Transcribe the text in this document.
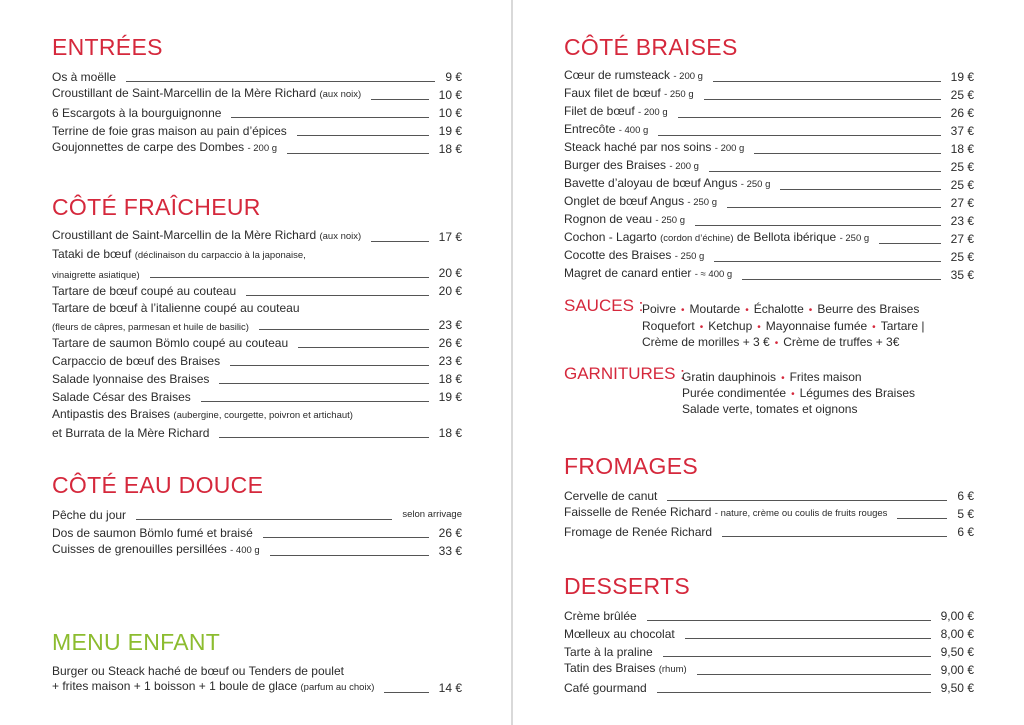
ENTRÉES
Os à moëlle	9 €
Croustillant de Saint-Marcellin de la Mère Richard (aux noix)	10 €
6 Escargots à la bourguignonne	10 €
Terrine de foie gras maison au pain d’épices	19 €
Goujonnettes de carpe des Dombes - 200 g	18 €
CÔTÉ FRAÎCHEUR
Croustillant de Saint-Marcellin de la Mère Richard (aux noix)	17 €
Tataki de bœuf (déclinaison du carpaccio à la japonaise,
vinaigrette asiatique)	20 €
Tartare de bœuf coupé au couteau	20 €
Tartare de bœuf à l’italienne coupé au couteau
(fleurs de câpres, parmesan et huile de basilic)	23 €
Tartare de saumon Bömlo coupé au couteau	26 €
Carpaccio de bœuf des Braises	23 €
Salade lyonnaise des Braises	18 €
Salade César des Braises	19 €
Antipastis des Braises (aubergine, courgette, poivron et artichaut)
et Burrata de la Mère Richard	18 €
CÔTÉ EAU DOUCE
Pêche du jour	selon arrivage
Dos de saumon Bömlo fumé et braisé	26 €
Cuisses de grenouilles persillées - 400 g	33 €
MENU ENFANT
Burger ou Steack haché de bœuf ou Tenders de poulet
+ frites maison + 1 boisson + 1 boule de glace (parfum au choix)	14 €
CÔTÉ BRAISES
Cœur de rumsteack - 200 g	19 €
Faux filet de bœuf - 250 g	25 €
Filet de bœuf - 200 g	26 €
Entrecôte - 400 g	37 €
Steack haché par nos soins - 200 g	18 €
Burger des Braises - 200 g	25 €
Bavette d’aloyau de bœuf Angus - 250 g	25 €
Onglet de bœuf Angus - 250 g	27 €
Rognon de veau - 250 g	23 €
Cochon - Lagarto (cordon d’échine) de Bellota ibérique - 250 g	27 €
Cocotte des Braises - 250 g	25 €
Magret de canard entier - ≈ 400 g	35 €
SAUCES :
Poivre • Moutarde • Échalotte • Beurre des Braises
Roquefort • Ketchup • Mayonnaise fumée • Tartare |
Crème de morilles + 3 € • Crème de truffes + 3€
GARNITURES :
Gratin dauphinois • Frites maison
Purée condimentée • Légumes des Braises
Salade verte, tomates et oignons
FROMAGES
Cervelle de canut	6 €
Faisselle de Renée Richard - nature, crème ou coulis de fruits rouges	5 €
Fromage de Renée Richard	6 €
DESSERTS
Crème brûlée	9,00 €
Mœlleux au chocolat	8,00 €
Tarte à la praline	9,50 €
Tatin des Braises (rhum)	9,00 €
Café gourmand	9,50 €
